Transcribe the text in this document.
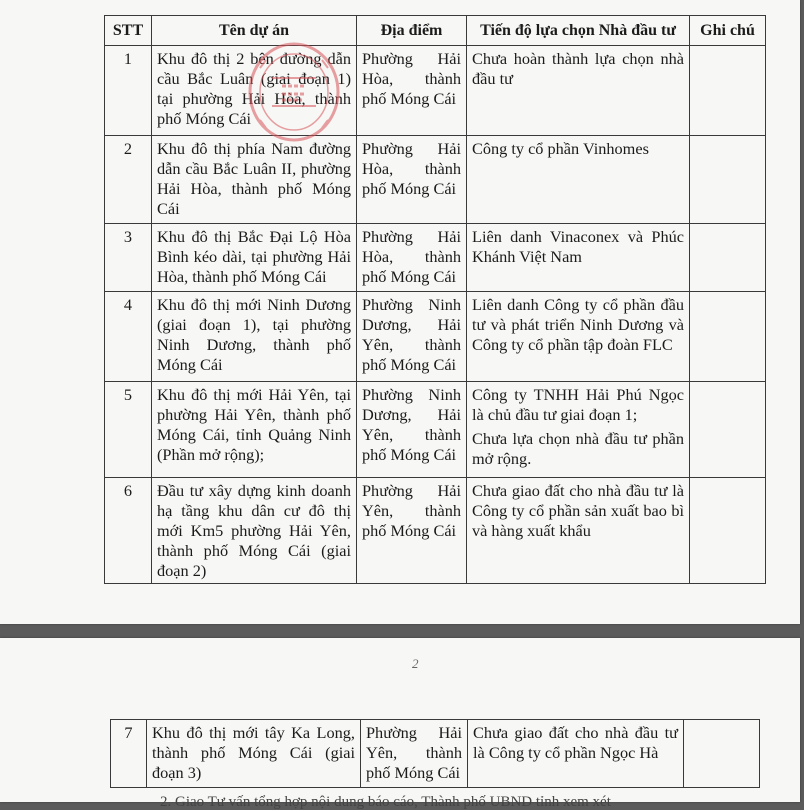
STT	Tên dự án	Địa điểm	Tiến độ lựa chọn Nhà đầu tư	Ghi chú
1	Khu đô thị 2 bên đường dẫn cầu Bắc Luân (giai đoạn 1) tại phường Hải Hòa, thành phố Móng Cái	Phường Hải Hòa, thành phố Móng Cái	Chưa hoàn thành lựa chọn nhà đầu tư	
2	Khu đô thị phía Nam đường dẫn cầu Bắc Luân II, phường Hải Hòa, thành phố Móng Cái	Phường Hải Hòa, thành phố Móng Cái	Công ty cổ phần Vinhomes	
3	Khu đô thị Bắc Đại Lộ Hòa Bình kéo dài, tại phường Hải Hòa, thành phố Móng Cái	Phường Hải Hòa, thành phố Móng Cái	Liên danh Vinaconex và Phúc Khánh Việt Nam	
4	Khu đô thị mới Ninh Dương (giai đoạn 1), tại phường Ninh Dương, thành phố Móng Cái	Phường Ninh Dương, Hải Yên, thành phố Móng Cái	Liên danh Công ty cổ phần đầu tư và phát triển Ninh Dương và Công ty cổ phần tập đoàn FLC	
5	Khu đô thị mới Hải Yên, tại phường Hải Yên, thành phố Móng Cái, tỉnh Quảng Ninh (Phần mở rộng);	Phường Ninh Dương, Hải Yên, thành phố Móng Cái	Công ty TNHH Hải Phú Ngọc là chủ đầu tư giai đoạn 1;
Chưa lựa chọn nhà đầu tư phần mở rộng.	

6	Đầu tư xây dựng kinh doanh hạ tầng khu dân cư đô thị mới Km5 phường Hải Yên, thành phố Móng Cái (giai đoạn 2)	Phường Hải Yên, thành phố Móng Cái	Chưa giao đất cho nhà đầu tư là Công ty cổ phần sản xuất bao bì và hàng xuất khẩu	
2
7	Khu đô thị mới tây Ka Long, thành phố Móng Cái (giai đoạn 3)	Phường Hải Yên, thành phố Móng Cái	Chưa giao đất cho nhà đầu tư là Công ty cổ phần Ngọc Hà	
2. Giao Tư vấn tổng hợp nội dung báo cáo, Thành phố UBND tỉnh xem xét
